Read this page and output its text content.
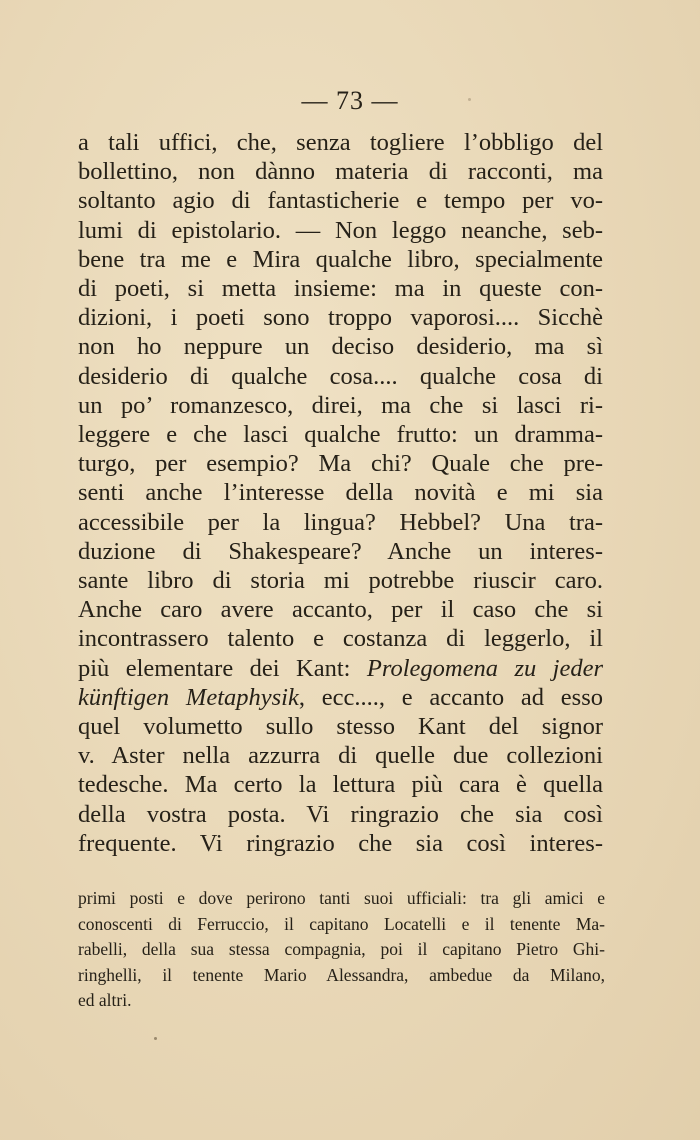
— 73 —
a tali uffici, che, senza togliere l’obbligo del
bollettino, non dànno materia di racconti, ma
soltanto agio di fantasticherie e tempo per vo-
lumi di epistolario. — Non leggo neanche, seb-
bene tra me e Mira qualche libro, specialmente
di poeti, si metta insieme: ma in queste con-
dizioni, i poeti sono troppo vaporosi.... Sicchè
non ho neppure un deciso desiderio, ma sì
desiderio di qualche cosa.... qualche cosa di
un po’ romanzesco, direi, ma che si lasci ri-
leggere e che lasci qualche frutto: un dramma-
turgo, per esempio? Ma chi? Quale che pre-
senti anche l’interesse della novità e mi sia
accessibile per la lingua? Hebbel? Una tra-
duzione di Shakespeare? Anche un interes-
sante libro di storia mi potrebbe riuscir caro.
Anche caro avere accanto, per il caso che si
incontrassero talento e costanza di leggerlo, il
più elementare dei Kant: Prolegomena zu jeder
künftigen Metaphysik, ecc...., e accanto ad esso
quel volumetto sullo stesso Kant del signor
v. Aster nella azzurra di quelle due collezioni
tedesche. Ma certo la lettura più cara è quella
della vostra posta. Vi ringrazio che sia così
frequente. Vi ringrazio che sia così interes-
primi posti e dove perirono tanti suoi ufficiali: tra gli amici e
conoscenti di Ferruccio, il capitano Locatelli e il tenente Ma-
rabelli, della sua stessa compagnia, poi il capitano Pietro Ghi-
ringhelli, il tenente Mario Alessandra, ambedue da Milano,
ed altri.
